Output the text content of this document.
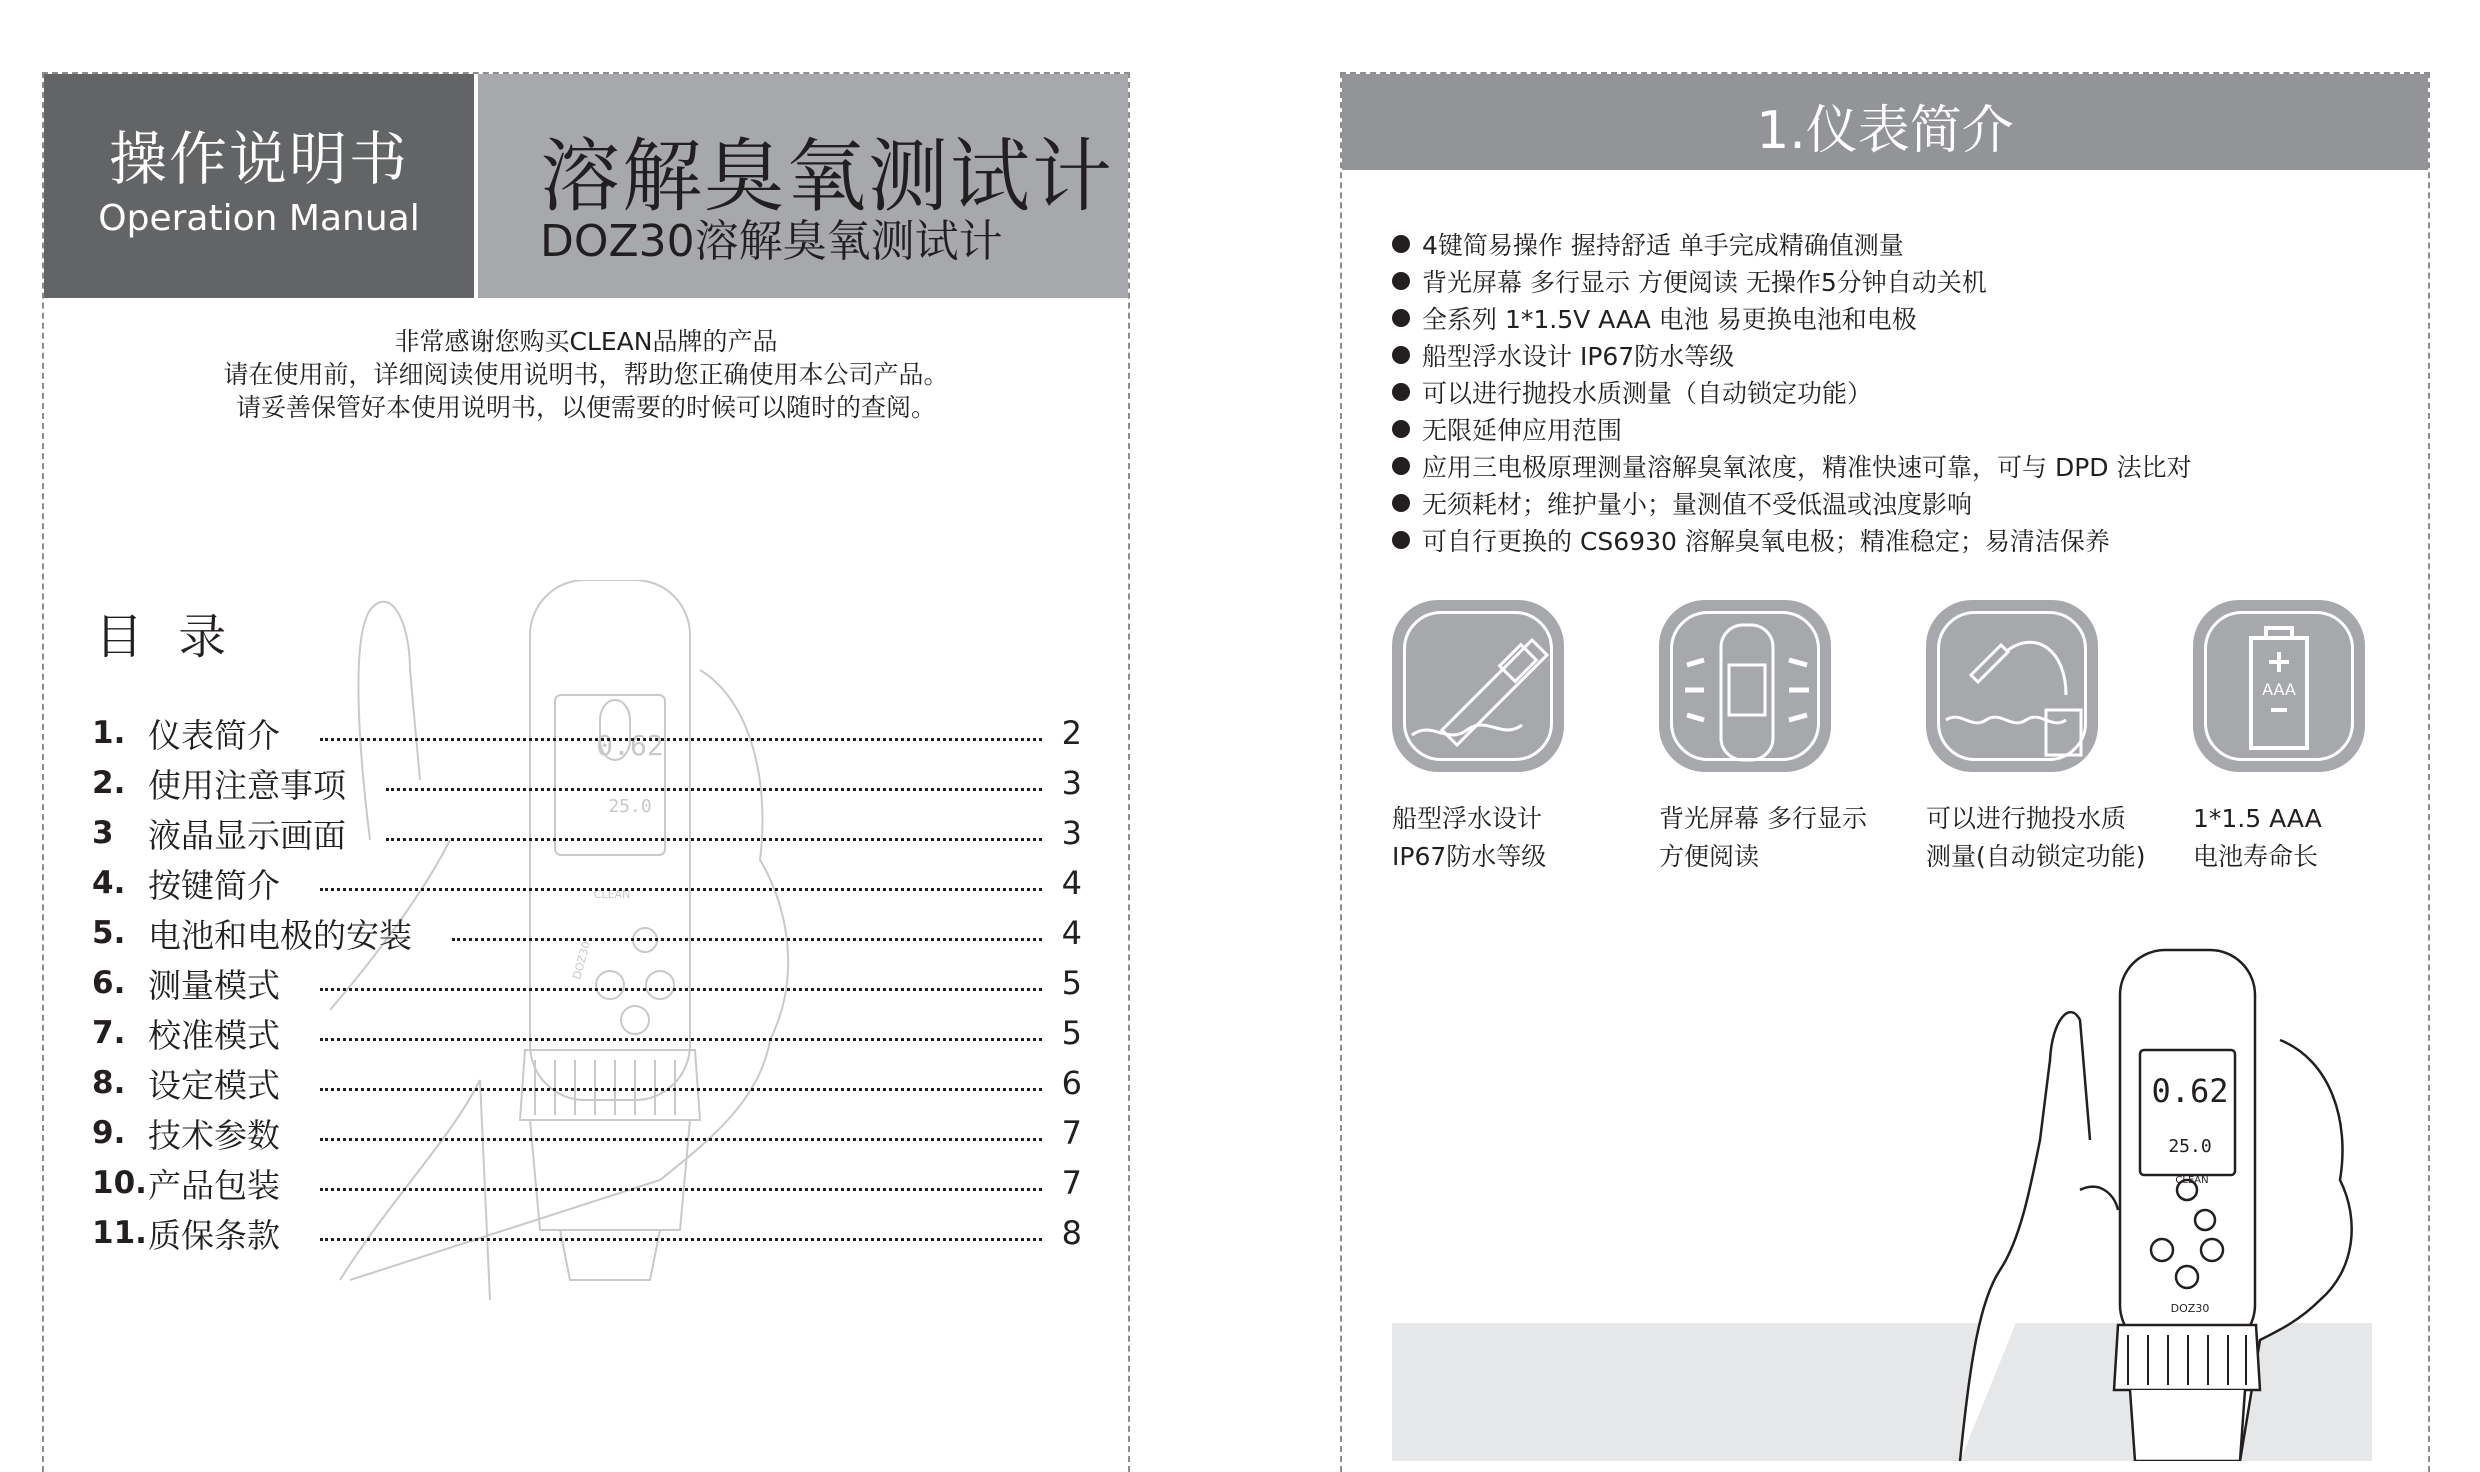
操作说明书
Operation Manual	溶解臭氧测试计
DOZ30溶解臭氧测试计
非常感谢您购买CLEAN品牌的产品
请在使用前，详细阅读使用说明书，帮助您正确使用本公司产品。
请妥善保管好本使用说明书，以便需要的时候可以随时的查阅。
0.62
25.0
CLEAN
DOZ30
目 录
1. 仪表简介	2
2. 使用注意事项	3
3	液晶显示画面	3
4. 按键简介	4
5. 电池和电极的安装	4
6. 测量模式	5
7. 校准模式	5
8. 设定模式	6
9. 技术参数	7
10. 产品包装	7
11. 质保条款	8
1.仪表简介
4键简易操作 握持舒适 单手完成精确值测量
背光屏幕 多行显示 方便阅读 无操作5分钟自动关机
全系列 1*1.5V AAA 电池 易更换电池和电极
船型浮水设计 IP67防水等级
可以进行抛投水质测量（自动锁定功能）
无限延伸应用范围
应用三电极原理测量溶解臭氧浓度，精准快速可靠，可与 DPD 法比对
无须耗材；维护量小；量测值不受低温或浊度影响
可自行更换的 CS6930 溶解臭氧电极；精准稳定；易清洁保养
AAA
船型浮水设计
IP67防水等级
背光屏幕 多行显示
方便阅读
可以进行抛投水质
测量(自动锁定功能)
1*1.5 AAA
电池寿命长
0.62
25.0
CLEAN
DOZ30
